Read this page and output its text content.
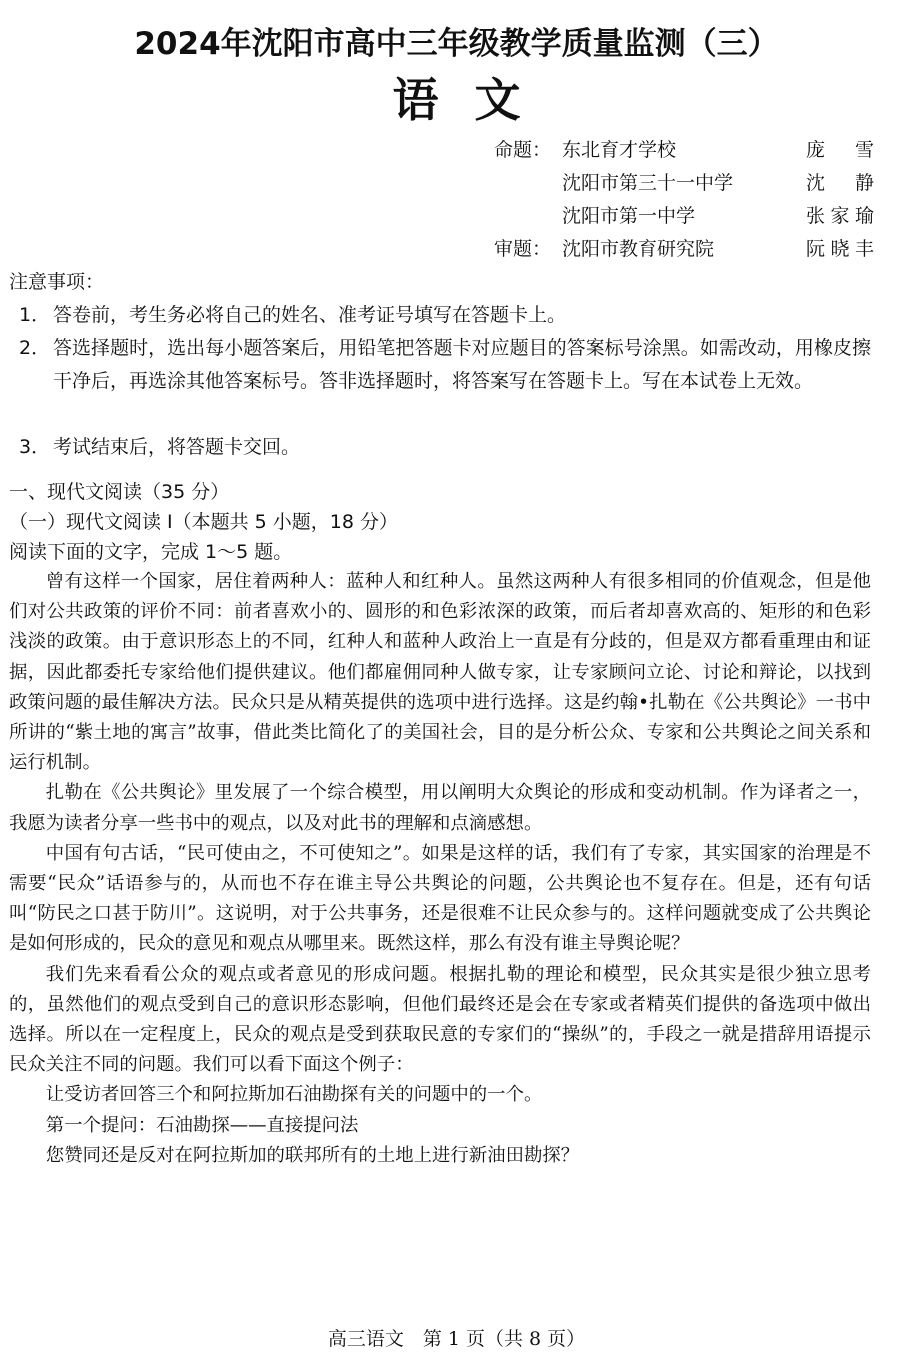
2024年沈阳市高中三年级教学质量监测（三）
语文
命题： 东北育才学校	庞雪
沈阳市第三十一中学	沈静
沈阳市第一中学	张家瑜
审题： 沈阳市教育研究院	阮晓丰
注意事项：
1． 答卷前，考生务必将自己的姓名、准考证号填写在答题卡上。
2． 答选择题时，选出每小题答案后，用铅笔把答题卡对应题目的答案标号涂黑。如需改动，用橡皮擦干净后，再选涂其他答案标号。答非选择题时，将答案写在答题卡上。写在本试卷上无效。
3． 考试结束后，将答题卡交回。
一、现代文阅读（35 分）
（一）现代文阅读 I（本题共 5 小题，18 分）
阅读下面的文字，完成 1～5 题。

曾有这样一个国家，居住着两种人：蓝种人和红种人。虽然这两种人有很多相同的价值观念，但是他们对公共政策的评价不同：前者喜欢小的、圆形的和色彩浓深的政策，而后者却喜欢高的、矩形的和色彩浅淡的政策。由于意识形态上的不同，红种人和蓝种人政治上一直是有分歧的，但是双方都看重理由和证据，因此都委托专家给他们提供建议。他们都雇佣同种人做专家，让专家顾问立论、讨论和辩论，以找到政策问题的最佳解决方法。民众只是从精英提供的选项中进行选择。这是约翰•扎勒在《公共舆论》一书中所讲的“紫土地的寓言”故事，借此类比简化了的美国社会，目的是分析公众、专家和公共舆论之间关系和运行机制。

扎勒在《公共舆论》里发展了一个综合模型，用以阐明大众舆论的形成和变动机制。作为译者之一，我愿为读者分享一些书中的观点，以及对此书的理解和点滴感想。

中国有句古话，“民可使由之，不可使知之”。如果是这样的话，我们有了专家，其实国家的治理是不需要“民众”话语参与的，从而也不存在谁主导公共舆论的问题，公共舆论也不复存在。但是，还有句话叫“防民之口甚于防川”。这说明，对于公共事务，还是很难不让民众参与的。这样问题就变成了公共舆论是如何形成的，民众的意见和观点从哪里来。既然这样，那么有没有谁主导舆论呢？

我们先来看看公众的观点或者意见的形成问题。根据扎勒的理论和模型，民众其实是很少独立思考的，虽然他们的观点受到自己的意识形态影响，但他们最终还是会在专家或者精英们提供的备选项中做出选择。所以在一定程度上，民众的观点是受到获取民意的专家们的“操纵”的，手段之一就是措辞用语提示民众关注不同的问题。我们可以看下面这个例子：

让受访者回答三个和阿拉斯加石油勘探有关的问题中的一个。

第一个提问：石油勘探——直接提问法

您赞同还是反对在阿拉斯加的联邦所有的土地上进行新油田勘探？

高三语文　第 1 页（共 8 页）
